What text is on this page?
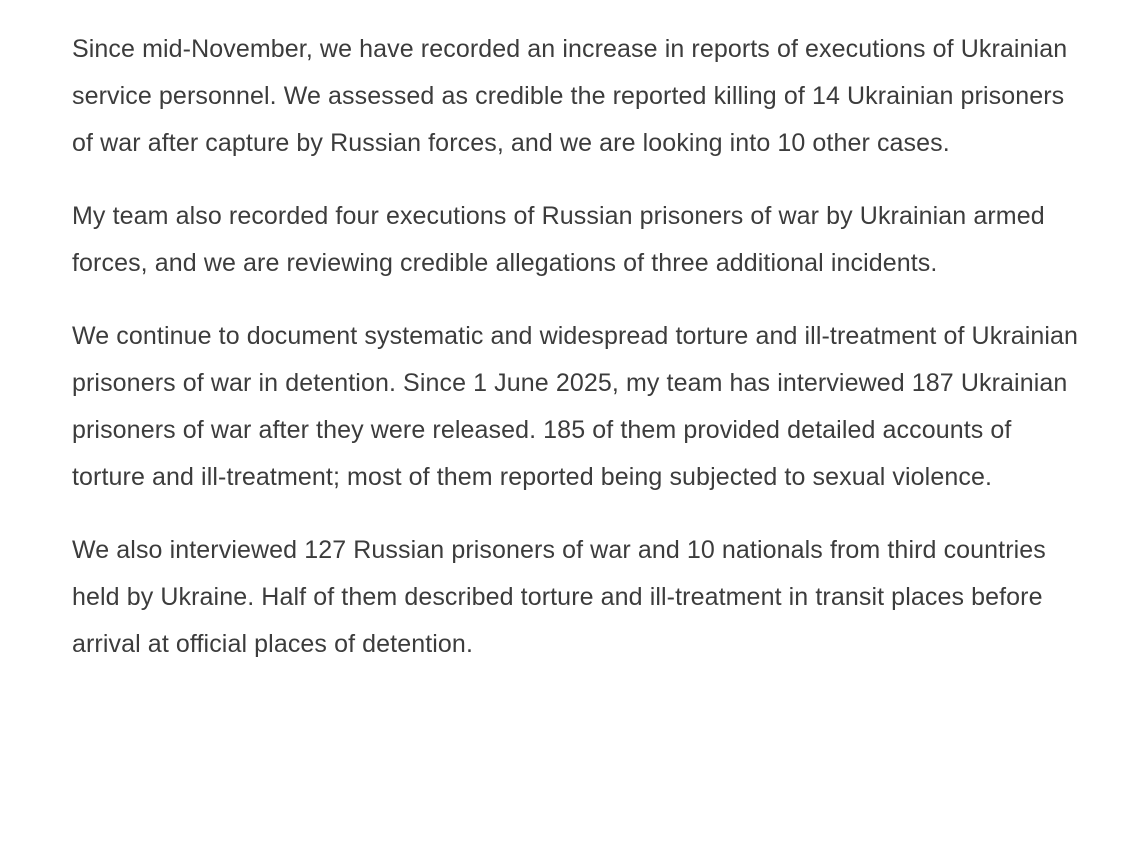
Since mid-November, we have recorded an increase in reports of executions of Ukrainian service personnel. We assessed as credible the reported killing of 14 Ukrainian prisoners of war after capture by Russian forces, and we are looking into 10 other cases.

My team also recorded four executions of Russian prisoners of war by Ukrainian armed forces, and we are reviewing credible allegations of three additional incidents.

We continue to document systematic and widespread torture and ill-treatment of Ukrainian prisoners of war in detention. Since 1 June 2025, my team has interviewed 187 Ukrainian prisoners of war after they were released. 185 of them provided detailed accounts of torture and ill-treatment; most of them reported being subjected to sexual violence.

We also interviewed 127 Russian prisoners of war and 10 nationals from third countries held by Ukraine. Half of them described torture and ill-treatment in transit places before arrival at official places of detention.
